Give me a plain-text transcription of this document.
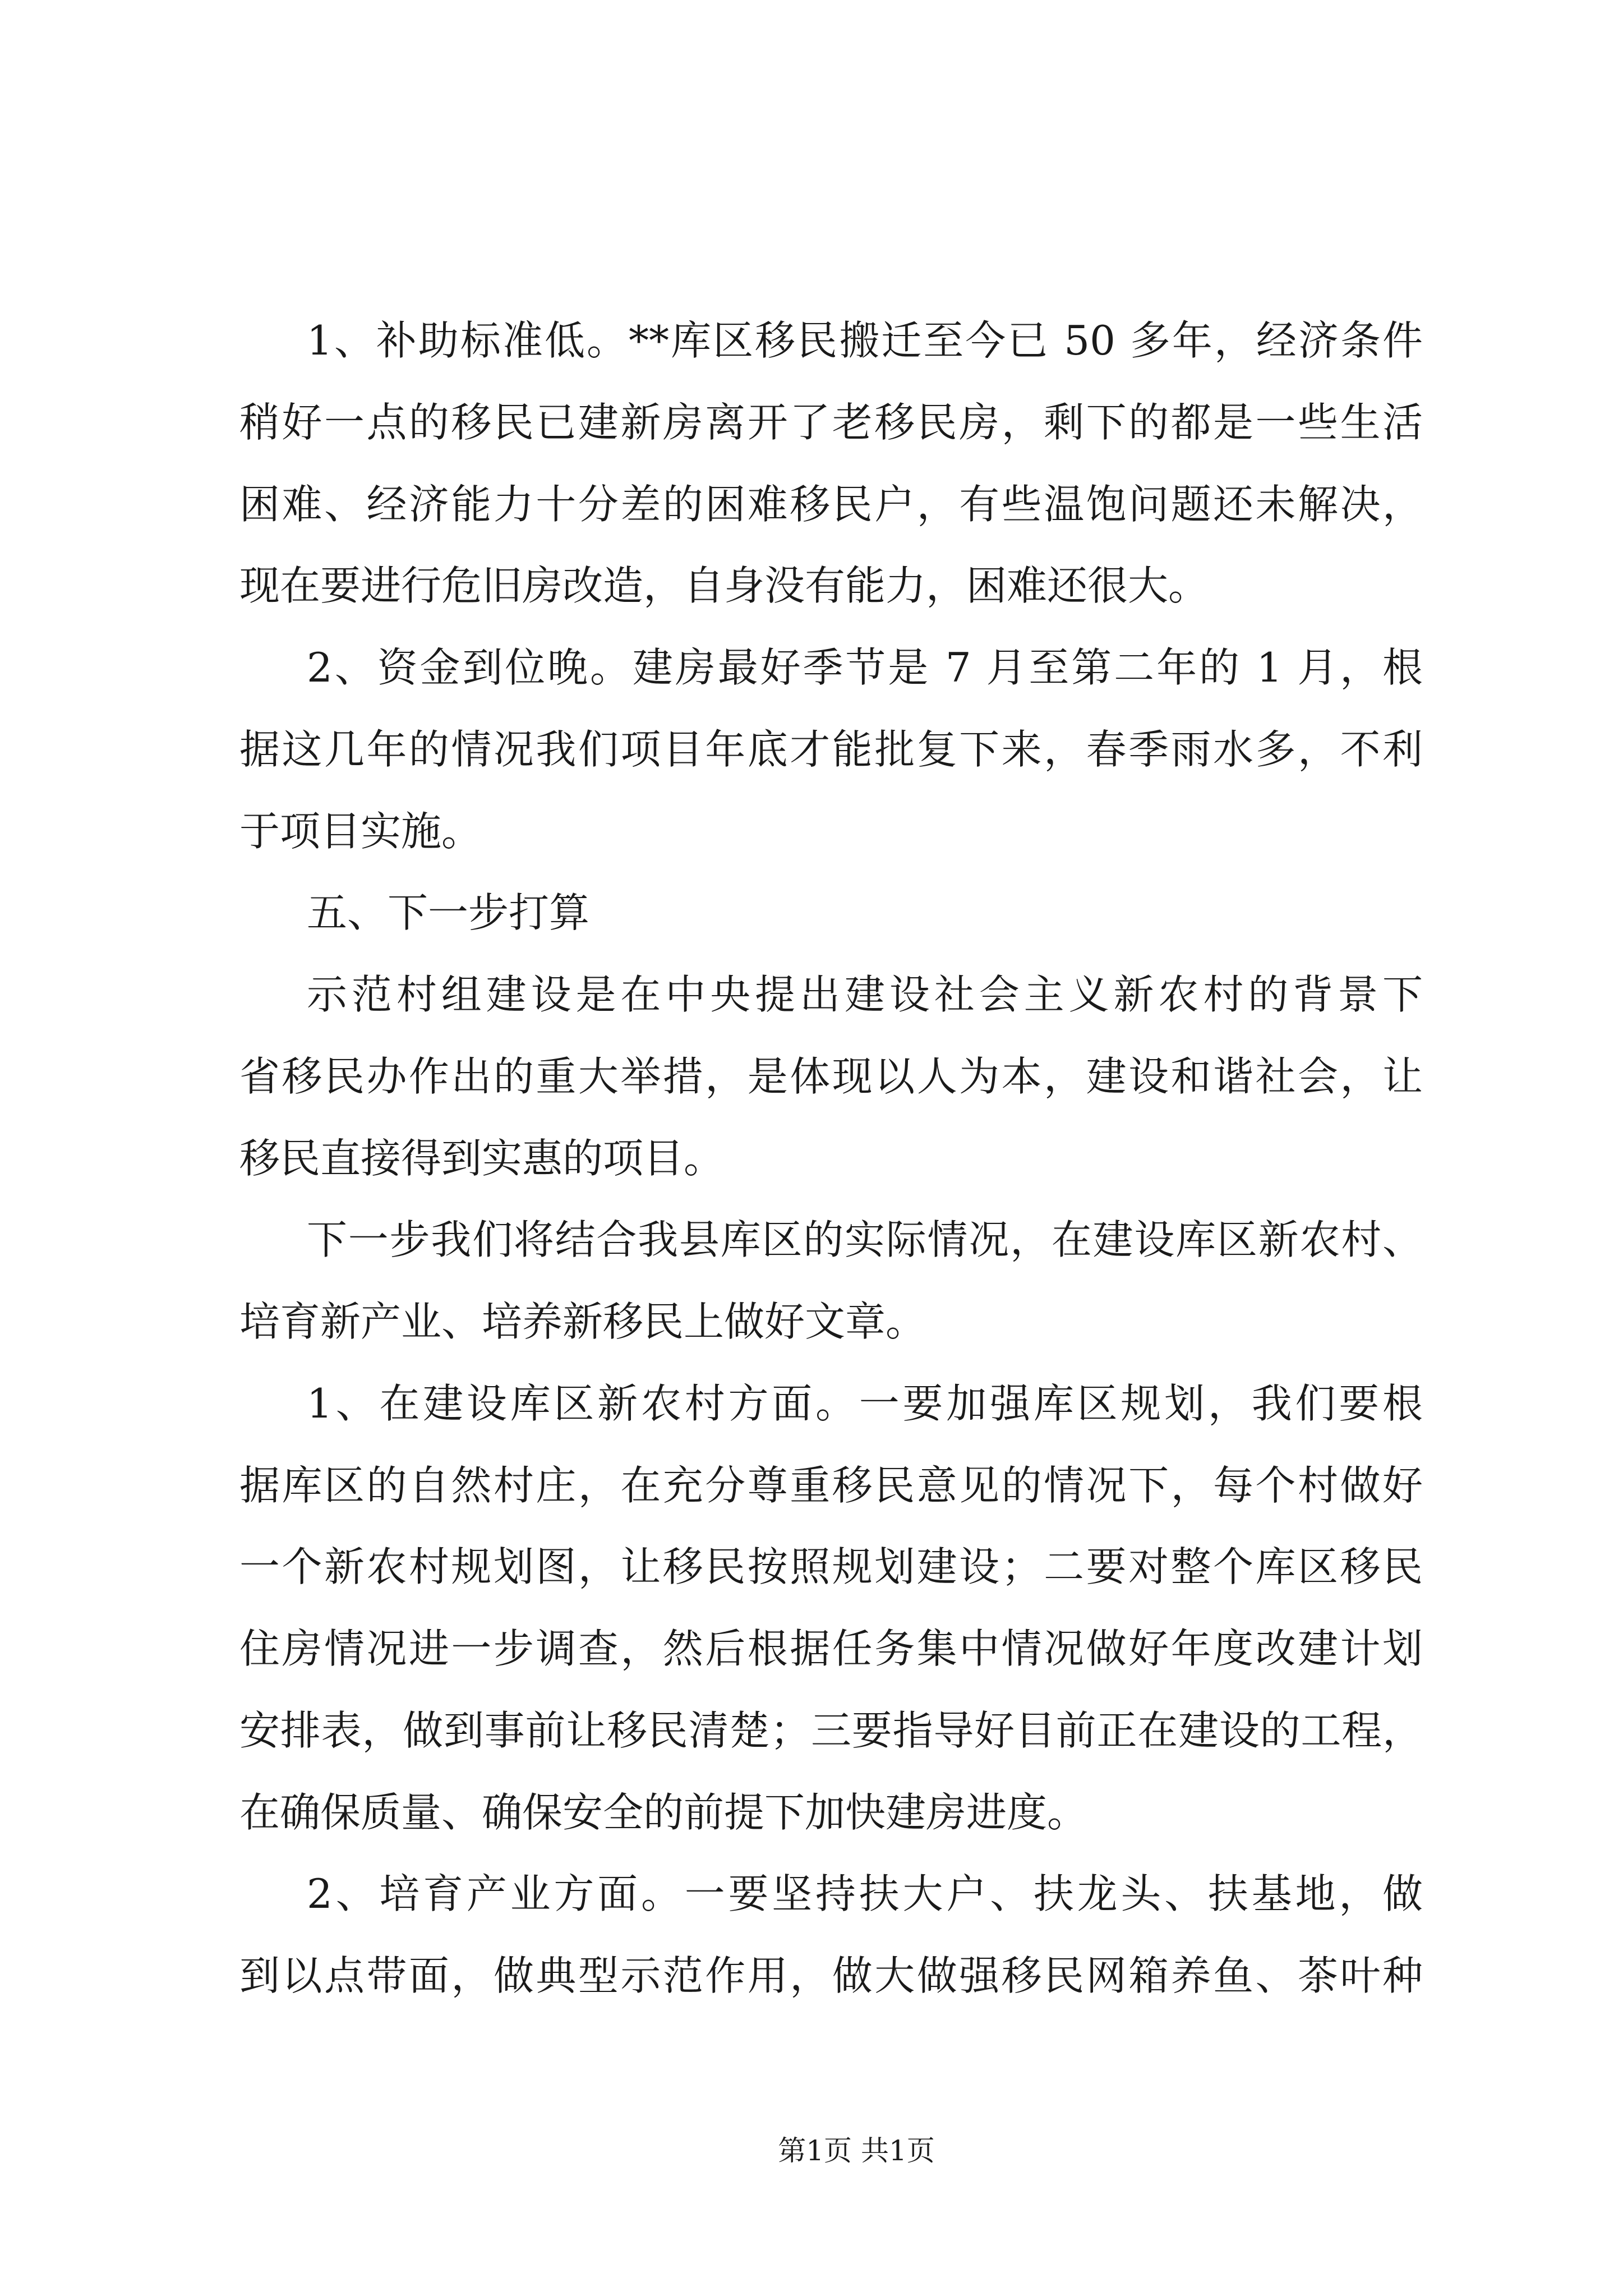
1、补助标准低。**库区移民搬迁至今已 50 多年，经济条件
稍好一点的移民已建新房离开了老移民房，剩下的都是一些生活
困难、经济能力十分差的困难移民户，有些温饱问题还未解决，
现在要进行危旧房改造，自身没有能力，困难还很大。
2、资金到位晚。建房最好季节是 7 月至第二年的 1 月，根
据这几年的情况我们项目年底才能批复下来，春季雨水多，不利
于项目实施。
五、下一步打算
示范村组建设是在中央提出建设社会主义新农村的背景下
省移民办作出的重大举措，是体现以人为本，建设和谐社会，让
移民直接得到实惠的项目。
下一步我们将结合我县库区的实际情况，在建设库区新农村、
培育新产业、培养新移民上做好文章。
1、在建设库区新农村方面。一要加强库区规划，我们要根
据库区的自然村庄，在充分尊重移民意见的情况下，每个村做好
一个新农村规划图，让移民按照规划建设；二要对整个库区移民
住房情况进一步调查，然后根据任务集中情况做好年度改建计划
安排表，做到事前让移民清楚；三要指导好目前正在建设的工程，
在确保质量、确保安全的前提下加快建房进度。
2、培育产业方面。一要坚持扶大户、扶龙头、扶基地，做
到以点带面，做典型示范作用，做大做强移民网箱养鱼、茶叶种
第1页 共1页
